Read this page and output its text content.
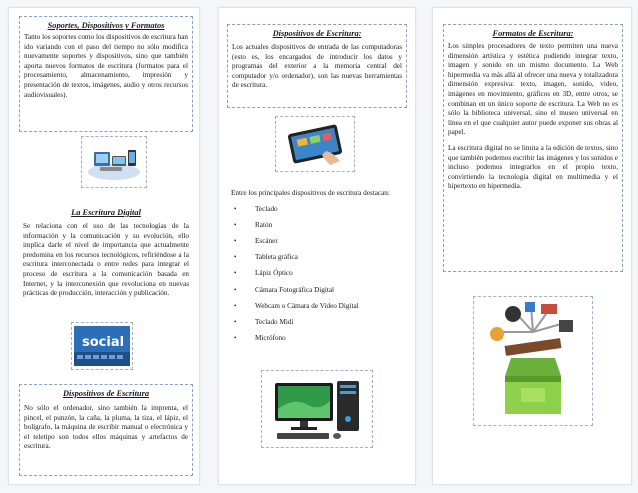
Soportes, Dispositivos y Formatos

Tanto los soportes como los dispositivos de escritura han ido variando con el paso del tiempo no sólo modifica nuevamente soportes y dispositivos, sino que también aporta nuevos formatos de escritura (formatos para el procesamiento, almacenamiento, impresión y presentación de textos, imágenes, audio y otros recursos audiovisuales).

La Escritura Digital

Se relaciona con el uso de las tecnologías de la información y la comunicación y su evolución, ello implica darle el nivel de importancia que actualmente predomina en los recursos tecnológicos, refiriéndose a la escritura interconectada o entre redes para integrar el proceso de escritura a la comunicación basada en Internet, y la interconexión que revoluciona en nuevas prácticas de producción, interacción y publicación.

social
Dispositivos de Escritura

No sólo el ordenador, sino también la imprenta, el pincel, el punzón, la caña, la pluma, la tiza, el lápiz, el bolígrafo, la máquina de escribir manual o electrónica y el teletipo son todos ellos máquinas y artefactos de escritura.

Dispositivos de Escritura:

Los actuales dispositivos de entrada de las computadoras (esto es, los encargados de introducir los datos y programas del exterior a la memoria central del computador y/o ordenador), son las nuevas herramientas de escritura.

Entre los principales dispositivos de escritura destacan:

•	Teclado
•	Ratón
•	Escáner
•	Tableta gráfica
•	Lápiz Óptico
•	Cámara Fotográfica Digital
•	Webcam o Cámara de Video Digital
•	Teclado Midi
•	Micrófono
Formatos de Escritura:

Los simples procesadores de texto permiten una nueva dimensión artística y estética pudiendo integrar texto, imagen y sonido en un mismo documento. La Web hipermedia va más allá al ofrecer una nueva y totalizadora dimensión expresiva: texto, imagen, sonido, video, imágenes en movimiento, gráficos en 3D, entre otros, se combinan en un único soporte de escritura. La Web no es sólo la biblioteca universal, sino el museo universal en línea en el que cualquier autor puede exponer sus obras al papel.

La escritura digital no se limita a la edición de textos, sino que también podemos escribir las imágenes y los sonidos e incluso podemos integrarlos en el propio texto, convirtiendo la tecnología digital en multimedia y el hipertexto en hipermedia.
